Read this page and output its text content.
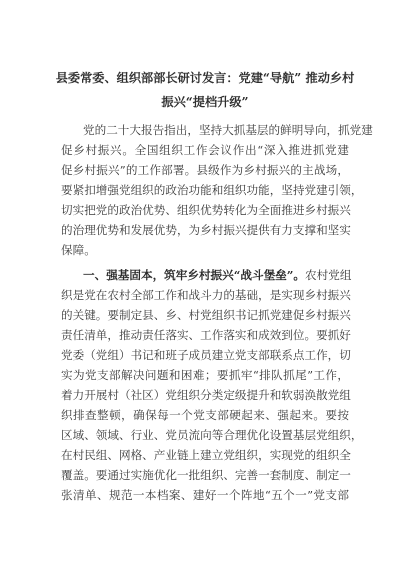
县委常委、组织部部长研讨发言：党建“导航” 推动乡村

振兴“提档升级”

党的二十大报告指出，坚持大抓基层的鲜明导向，抓党建

促乡村振兴。全国组织工作会议作出“深入推进抓党建

促乡村振兴”的工作部署。县级作为乡村振兴的主战场，

要紧扣增强党组织的政治功能和组织功能，坚持党建引领，

切实把党的政治优势、组织优势转化为全面推进乡村振兴

的治理优势和发展优势，为乡村振兴提供有力支撑和坚实

保障。

一、强基固本，筑牢乡村振兴“战斗堡垒”。农村党组

织是党在农村全部工作和战斗力的基础，是实现乡村振兴

的关键。要制定县、乡、村党组织书记抓党建促乡村振兴

责任清单，推动责任落实、工作落实和成效到位。要抓好

党委（党组）书记和班子成员建立党支部联系点工作，切

实为党支部解决问题和困难；要抓牢“排队抓尾”工作，

着力开展村（社区）党组织分类定级提升和软弱涣散党组

织排查整顿，确保每一个党支部硬起来、强起来。要按

区域、领域、行业、党员流向等合理优化设置基层党组织，

在村民组、网格、产业链上建立党组织，实现党的组织全

覆盖。要通过实施优化一批组织、完善一套制度、制定一

张清单、规范一本档案、建好一个阵地“五个一”党支部
